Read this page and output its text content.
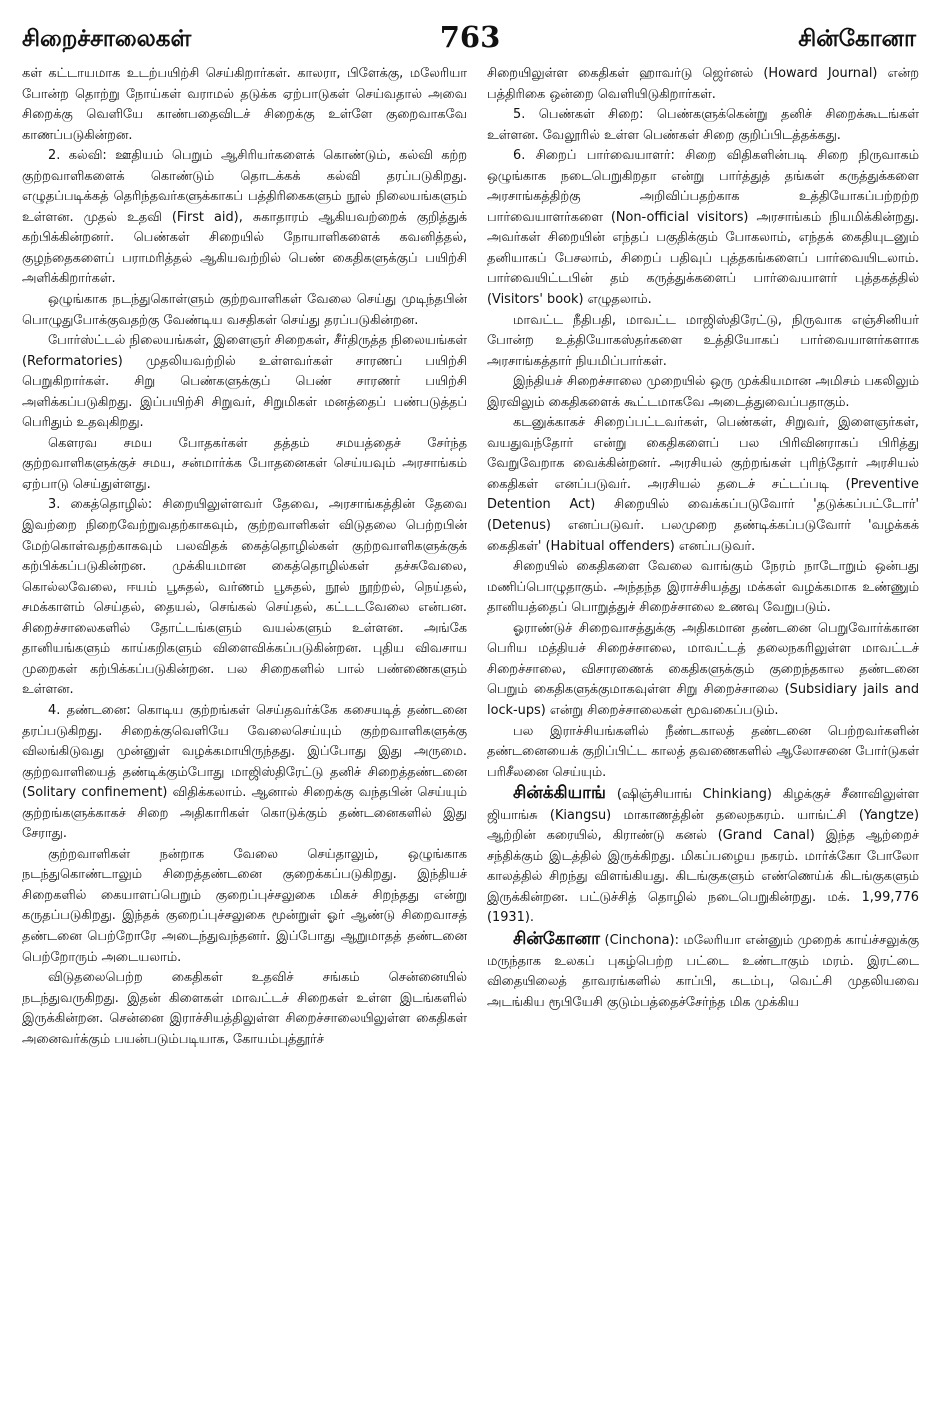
சிறைச்சாலைகள்	763	சின்கோனா

கள் கட்டாயமாக உடற்பயிற்சி செய்கிறார்கள். காலரா, பிளேக்கு, மலேரியா போன்ற தொற்று நோய்கள் வராமல் தடுக்க ஏற்பாடுகள் செய்வதால் அவை சிறைக்கு வெளியே காண்பதைவிடச் சிறைக்கு உள்ளே குறைவாகவே காணப்படுகின்றன.

2. கல்வி: ஊதியம் பெறும் ஆசிரியர்களைக் கொண்டும், கல்வி கற்ற குற்றவாளிகளைக் கொண்டும் தொடக்கக் கல்வி தரப்படுகிறது. எழுதப்படிக்கத் தெரிந்தவர்களுக்காகப் பத்திரிகைகளும் நூல் நிலையங்களும் உள்ளன. முதல் உதவி (First aid), சுகாதாரம் ஆகியவற்றைக் குறித்துக் கற்பிக்கின்றனர். பெண்கள் சிறையில் நோயாளிகளைக் கவனித்தல், குழந்தைகளைப் பராமரித்தல் ஆகியவற்றில் பெண் கைதிகளுக்குப் பயிற்சி அளிக்கிறார்கள்.

ஒழுங்காக நடந்துகொள்ளும் குற்றவாளிகள் வேலை செய்து முடிந்தபின் பொழுதுபோக்குவதற்கு வேண்டிய வசதிகள் செய்து தரப்படுகின்றன.

போர்ஸ்ட்டல் நிலையங்கள், இளைஞர் சிறைகள், சீர்திருத்த நிலையங்கள் (Reformatories) முதலியவற்றில் உள்ளவர்கள் சாரணப் பயிற்சி பெறுகிறார்கள். சிறு பெண்களுக்குப் பெண் சாரணர் பயிற்சி அளிக்கப்படுகிறது. இப்பயிற்சி சிறுவர், சிறுமிகள் மனத்தைப் பண்படுத்தப் பெரிதும் உதவுகிறது.

கௌரவ சமய போதகர்கள் தத்தம் சமயத்தைச் சேர்ந்த குற்றவாளிகளுக்குச் சமய, சன்மார்க்க போதனைகள் செய்யவும் அரசாங்கம் ஏற்பாடு செய்துள்ளது.

3. கைத்தொழில்: சிறையிலுள்ளவர் தேவை, அரசாங்கத்தின் தேவை இவற்றை நிறைவேற்றுவதற்காகவும், குற்றவாளிகள் விடுதலை பெற்றபின் மேற்கொள்வதற்காகவும் பலவிதக் கைத்தொழில்கள் குற்றவாளிகளுக்குக் கற்பிக்கப்படுகின்றன. முக்கியமான கைத்தொழில்கள் தச்சுவேலை, கொல்லவேலை, ஈயம் பூசுதல், வர்ணம் பூசுதல், நூல் நூற்றல், நெய்தல், சமக்காளம் செய்தல், தையல், செங்கல் செய்தல், கட்டடவேலை என்பன. சிறைச்சாலைகளில் தோட்டங்களும் வயல்களும் உள்ளன. அங்கே தானியங்களும் காய்கறிகளும் விளைவிக்கப்படுகின்றன. புதிய விவசாய முறைகள் கற்பிக்கப்படுகின்றன. பல சிறைகளில் பால் பண்ணைகளும் உள்ளன.

4. தண்டனை: கொடிய குற்றங்கள் செய்தவர்க்கே கசையடித் தண்டனை தரப்படுகிறது. சிறைக்குவெளியே வேலைசெய்யும் குற்றவாளிகளுக்கு விலங்கிடுவது முன்னுள் வழக்கமாயிருந்தது. இப்போது இது அருமை. குற்றவாளியைத் தண்டிக்கும்போது மாஜிஸ்திரேட்டு தனிச் சிறைத்தண்டனை (Solitary confinement) விதிக்கலாம். ஆனால் சிறைக்கு வந்தபின் செய்யும் குற்றங்களுக்காகச் சிறை அதிகாரிகள் கொடுக்கும் தண்டனைகளில் இது சேராது.

குற்றவாளிகள் நன்றாக வேலை செய்தாலும், ஒழுங்காக நடந்துகொண்டாலும் சிறைத்தண்டனை குறைக்கப்படுகிறது. இந்தியச் சிறைகளில் கையாளப்பெறும் குறைப்புச்சலுகை மிகச் சிறந்தது என்று கருதப்படுகிறது. இந்தக் குறைப்புச்சலுகை மூன்றுள் ஓர் ஆண்டு சிறைவாசத் தண்டனை பெற்றோரே அடைந்துவந்தனர். இப்போது ஆறுமாதத் தண்டனை பெற்றோரும் அடையலாம்.

விடுதலைபெற்ற கைதிகள் உதவிச் சங்கம் சென்னையில் நடந்துவருகிறது. இதன் கிளைகள் மாவட்டச் சிறைகள் உள்ள இடங்களில் இருக்கின்றன. சென்னை இராச்சியத்திலுள்ள சிறைச்சாலையிலுள்ள கைதிகள் அனைவர்க்கும் பயன்படும்படியாக, கோயம்புத்தூர்ச்

சிறையிலுள்ள கைதிகள் ஹாவர்டு ஜெர்னல் (Howard Journal) என்ற பத்திரிகை ஒன்றை வெளியிடுகிறார்கள்.

5. பெண்கள் சிறை: பெண்களுக்கென்று தனிச் சிறைக்கூடங்கள் உள்ளன. வேலூரில் உள்ள பெண்கள் சிறை குறிப்பிடத்தக்கது.

6. சிறைப் பார்வையாளர்: சிறை விதிகளின்படி சிறை நிருவாகம் ஒழுங்காக நடைபெறுகிறதா என்று பார்த்துத் தங்கள் கருத்துக்களை அரசாங்கத்திற்கு அறிவிப்பதற்காக உத்தியோகப்பற்றற்ற பார்வையாளர்களை (Non-official visitors) அரசாங்கம் நியமிக்கின்றது. அவர்கள் சிறையின் எந்தப் பகுதிக்கும் போகலாம், எந்தக் கைதியுடனும் தனியாகப் பேசலாம், சிறைப் பதிவுப் புத்தகங்களைப் பார்வையிடலாம். பார்வையிட்டபின் தம் கருத்துக்களைப் பார்வையாளர் புத்தகத்தில் (Visitors' book) எழுதலாம்.

மாவட்ட நீதிபதி, மாவட்ட மாஜிஸ்திரேட்டு, நிருவாக எஞ்சினியர் போன்ற உத்தியோகஸ்தர்களை உத்தியோகப் பார்வையாளர்களாக அரசாங்கத்தார் நியமிப்பார்கள்.

இந்தியச் சிறைச்சாலை முறையில் ஒரு முக்கியமான அமிசம் பகலிலும் இரவிலும் கைதிகளைக் கூட்டமாகவே அடைத்துவைப்பதாகும்.

கடனுக்காகச் சிறைப்பட்டவர்கள், பெண்கள், சிறுவர், இளைஞர்கள், வயதுவந்தோர் என்று கைதிகளைப் பல பிரிவினராகப் பிரித்து வேறுவேறாக வைக்கின்றனர். அரசியல் குற்றங்கள் புரிந்தோர் அரசியல் கைதிகள் எனப்படுவர். அரசியல் தடைச் சட்டப்படி (Preventive Detention Act) சிறையில் வைக்கப்படுவோர் 'தடுக்கப்பட்டோர்' (Detenus) எனப்படுவர். பலமுறை தண்டிக்கப்படுவோர் 'வழக்கக் கைதிகள்' (Habitual offenders) எனப்படுவர்.

சிறையில் கைதிகளை வேலை வாங்கும் நேரம் நாடோறும் ஒன்பது மணிப்பொழுதாகும். அந்தந்த இராச்சியத்து மக்கள் வழக்கமாக உண்ணும் தானியத்தைப் பொறுத்துச் சிறைச்சாலை உணவு வேறுபடும்.

ஓராண்டுச் சிறைவாசத்துக்கு அதிகமான தண்டனை பெறுவோர்க்கான பெரிய மத்தியச் சிறைச்சாலை, மாவட்டத் தலைநகரிலுள்ள மாவட்டச் சிறைச்சாலை, விசாரணைக் கைதிகளுக்கும் குறைந்தகால தண்டனை பெறும் கைதிகளுக்குமாகவுள்ள சிறு சிறைச்சாலை (Subsidiary jails and lock-ups) என்று சிறைச்சாலைகள் மூவகைப்படும்.

பல இராச்சியங்களில் நீண்டகாலத் தண்டனை பெற்றவர்களின் தண்டனையைக் குறிப்பிட்ட காலத் தவணைகளில் ஆலோசனை போர்டுகள் பரிசீலனை செய்யும்.

சின்க்கியாங் (ஷிஞ்சியாங் Chinkiang) கிழக்குச் சீனாவிலுள்ள ஜியாங்சு (Kiangsu) மாகாணத்தின் தலைநகரம். யாங்ட்சி (Yangtze) ஆற்றின் கரையில், கிராண்டு கனல் (Grand Canal) இந்த ஆற்றைச் சந்திக்கும் இடத்தில் இருக்கிறது. மிகப்பழைய நகரம். மார்க்கோ போலோ காலத்தில் சிறந்து விளங்கியது. கிடங்குகளும் எண்ணெய்க் கிடங்குகளும் இருக்கின்றன. பட்டுச்சித் தொழில் நடைபெறுகின்றது. மக். 1,99,776 (1931).

சின்கோனா (Cinchona): மலேரியா என்னும் முறைக் காய்ச்சலுக்கு மருந்தாக உலகப் புகழ்பெற்ற பட்டை உண்டாகும் மரம். இரட்டை விதையிலைத் தாவரங்களில் காப்பி, கடம்பு, வெட்சி முதலியவை அடங்கிய ரூபியேசி குடும்பத்தைச்சேர்ந்த மிக முக்கிய
